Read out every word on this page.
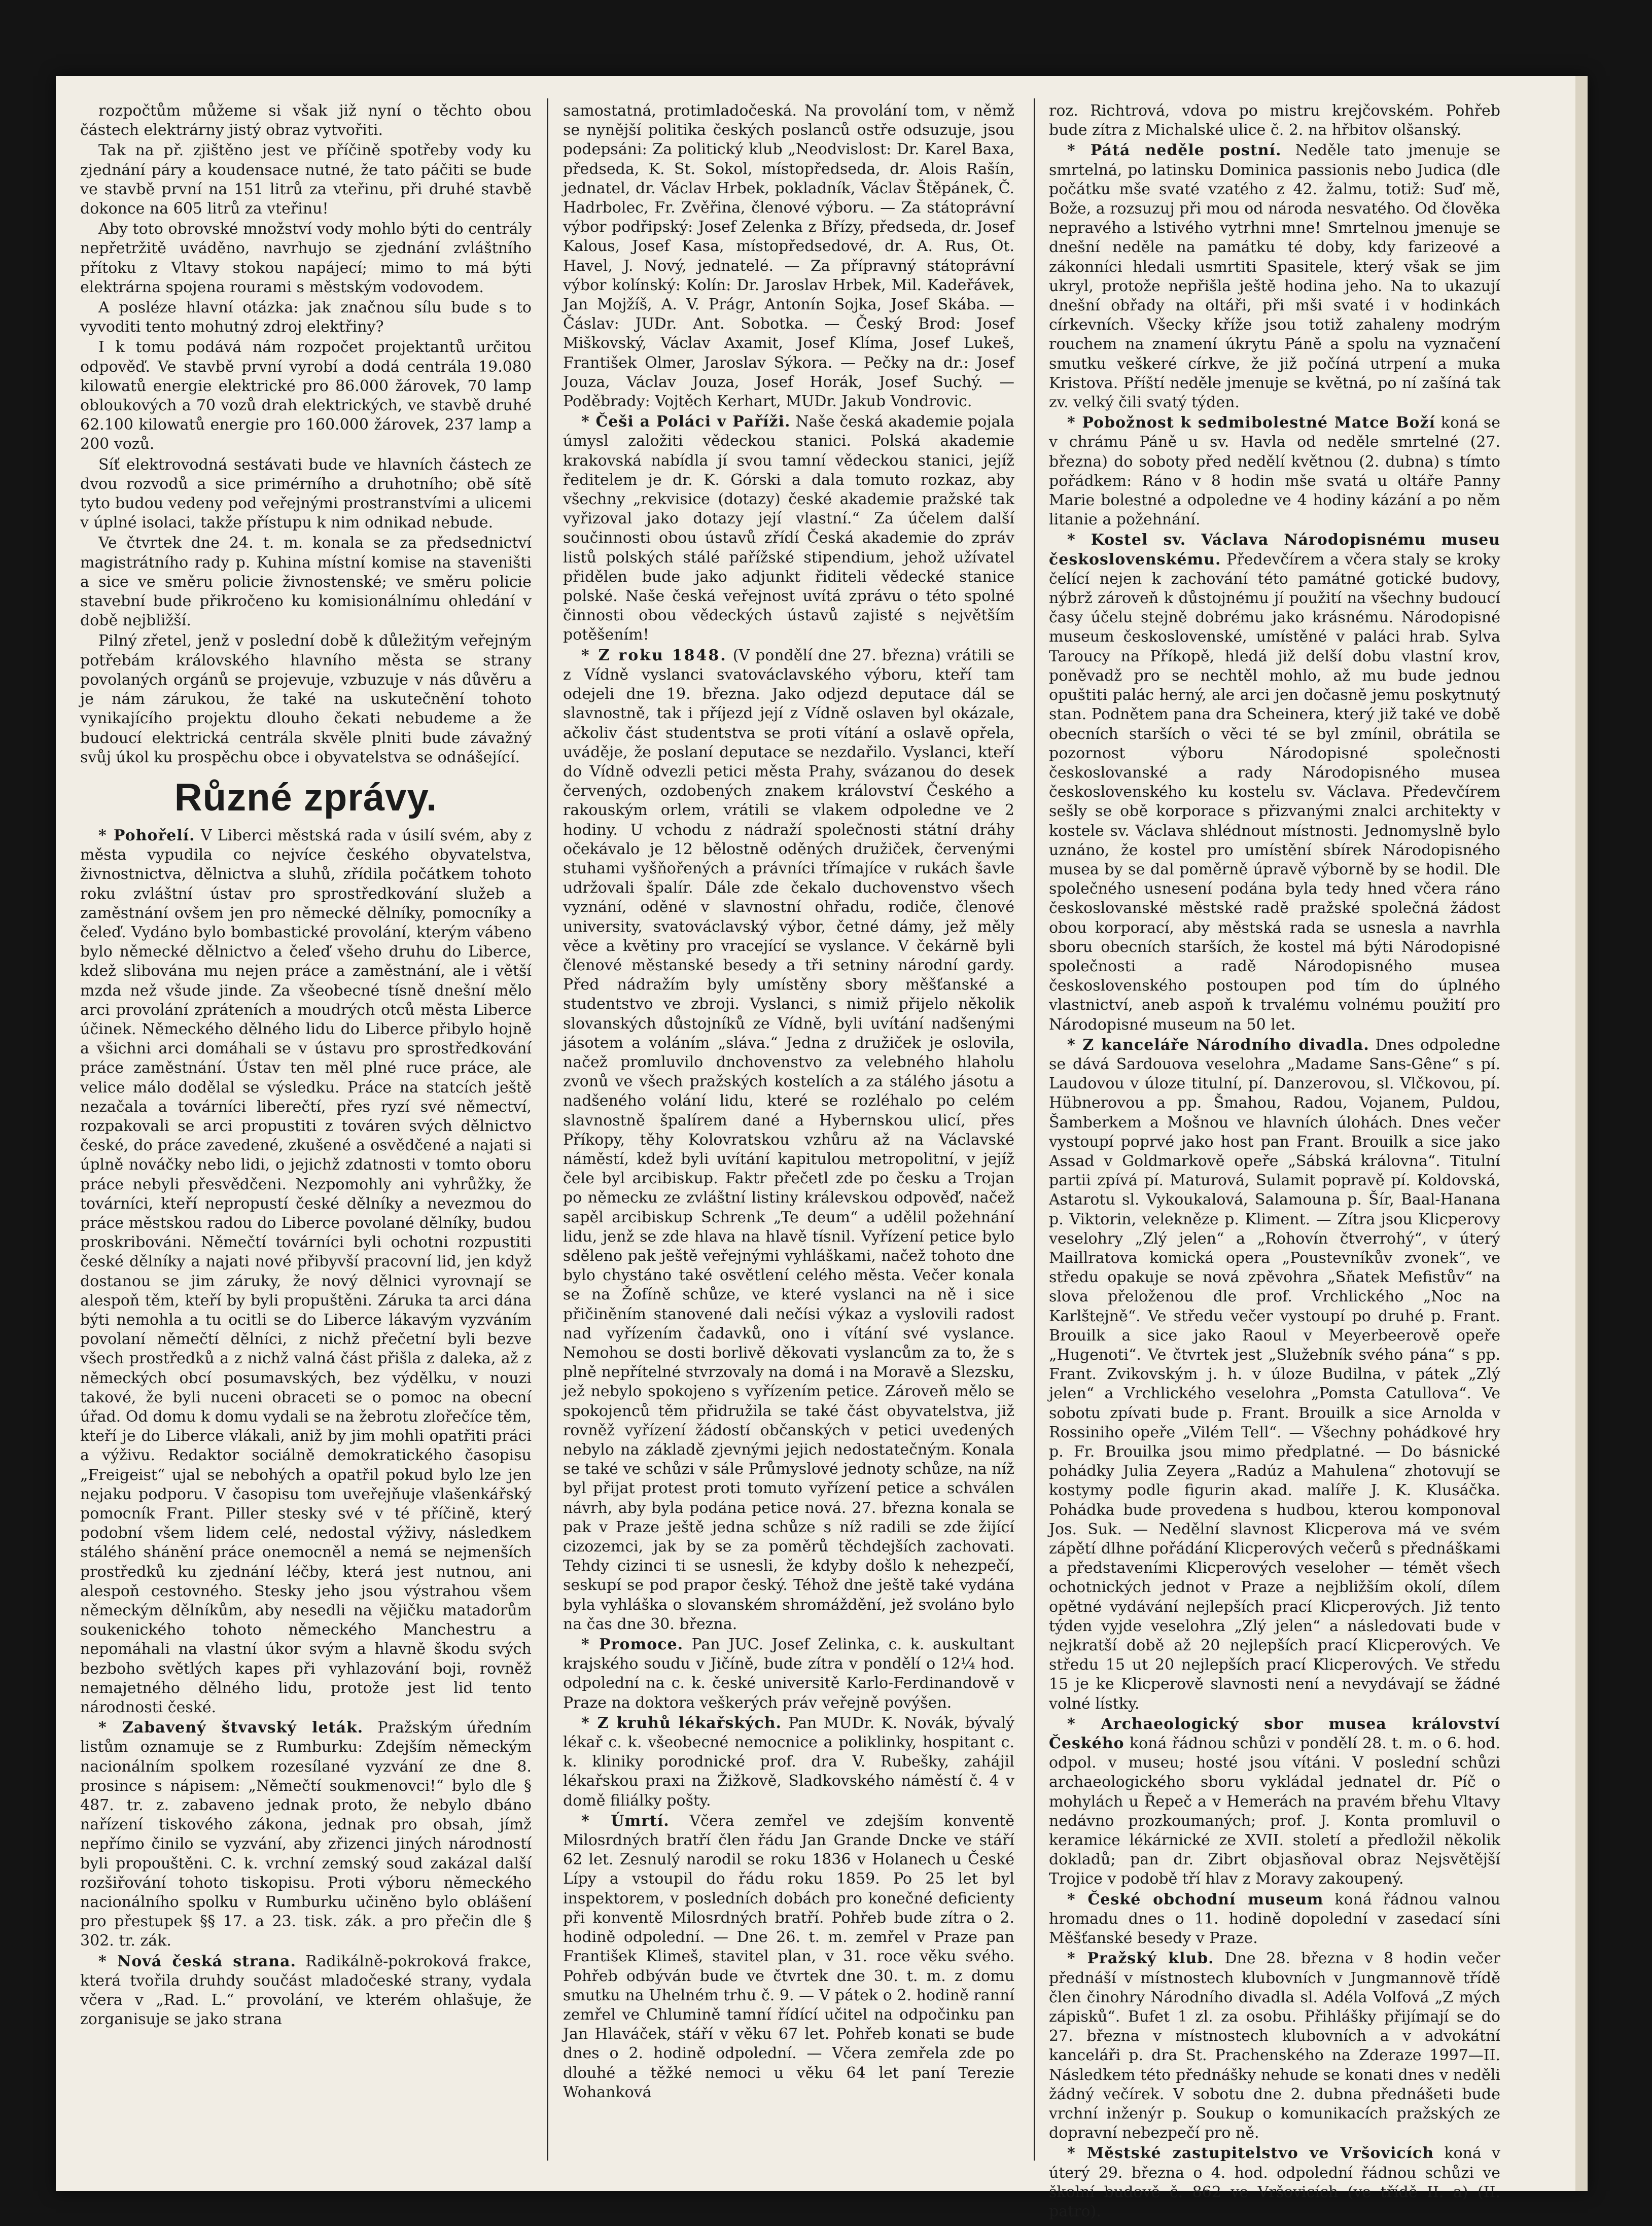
rozpočtům můžeme si však již nyní o těchto obou částech elektrárny jistý obraz vytvořiti.

Tak na př. zjištěno jest ve příčině spotřeby vody ku zjednání páry a koudensace nutné, že tato páčiti se bude ve stavbě první na 151 litrů za vteřinu, při druhé stavbě dokonce na 605 litrů za vteřinu!

Aby toto obrovské množství vody mohlo býti do centrály nepřetržitě uváděno, navrhujo se zjednání zvláštního přítoku z Vltavy stokou napájecí; mimo to má býti elektrárna spojena rourami s městským vodovodem.

A posléze hlavní otázka: jak značnou sílu bude s to vyvoditi tento mohutný zdroj elektřiny?

I k tomu podává nám rozpočet projektantů určitou odpověď. Ve stavbě první vyrobí a dodá centrála 19.080 kilowatů energie elektrické pro 86.000 žárovek, 70 lamp obloukových a 70 vozů drah elektrických, ve stavbě druhé 62.100 kilowatů energie pro 160.000 žárovek, 237 lamp a 200 vozů.

Síť elektrovodná sestávati bude ve hlavních částech ze dvou rozvodů a sice primérního a druhotního; obě sítě tyto budou vedeny pod veřejnými prostranstvími a ulicemi v úplné isolaci, takže přístupu k nim odnikad nebude.

Ve čtvrtek dne 24. t. m. konala se za předsednictví magistrátního rady p. Kuhina místní komise na staveništi a sice ve směru policie živnostenské; ve směru policie stavební bude přikročeno ku komisionálnímu ohledání v době nejbližší.

Pilný zřetel, jenž v poslední době k důležitým veřejným potřebám královského hlavního města se strany povolaných orgánů se projevuje, vzbuzuje v nás důvěru a je nám zárukou, že také na uskutečnění tohoto vynikajícího projektu dlouho čekati nebudeme a že budoucí elektrická centrála skvěle plniti bude závažný svůj úkol ku prospěchu obce i obyvatelstva se odnášející.

Různé zprávy.

* Pohořelí. V Liberci městská rada v úsilí svém, aby z města vypudila co nejvíce českého obyvatelstva, živnostnictva, dělnictva a sluhů, zřídila počátkem tohoto roku zvláštní ústav pro sprostředkování služeb a zaměstnání ovšem jen pro německé dělníky, pomocníky a čeleď. Vydáno bylo bombastické provolání, kterým vábeno bylo německé dělnictvo a čeleď všeho druhu do Liberce, kdež slibována mu nejen práce a zaměstnání, ale i větší mzda než všude jinde. Za všeobecné tísně dnešní mělo arci provolání zpráteních a moudrých otců města Liberce účinek. Německého dělného lidu do Liberce přibylo hojně a všichni arci domáhali se v ústavu pro sprostředkování práce zaměstnání. Ústav ten měl plné ruce práce, ale velice málo dodělal se výsledku. Práce na statcích ještě nezačala a továrníci liberečtí, přes ryzí své němectví, rozpakovali se arci propustiti z továren svých dělnictvo české, do práce zavedené, zkušené a osvědčené a najati si úplně nováčky nebo lidi, o jejichž zdatnosti v tomto oboru práce nebyli přesvědčeni. Nezpomohly ani vyhrůžky, že továrníci, kteří nepropustí české dělníky a nevezmou do práce městskou radou do Liberce povolané dělníky, budou proskribováni. Němečtí továrníci byli ochotni rozpustiti české dělníky a najati nové přibyvší pracovní lid, jen když dostanou se jim záruky, že nový dělnici vyrovnají se alespoň těm, kteří by byli propuštěni. Záruka ta arci dána býti nemohla a tu ocitli se do Liberce lákavým vyzváním povolaní němečtí dělníci, z nichž přečetní byli bezve všech prostředků a z nichž valná část přišla z daleka, až z německých obcí posumavských, bez výdělku, v nouzi takové, že byli nuceni obraceti se o pomoc na obecní úřad. Od domu k domu vydali se na žebrotu zlořečíce těm, kteří je do Liberce vlákali, aniž by jim mohli opatřiti práci a výživu. Redaktor sociálně demokratického časopisu „Freigeist“ ujal se nebohých a opatřil pokud bylo lze jen nejaku podporu. V časopisu tom uveřejňuje vlašenkářský pomocník Frant. Piller stesky své v té příčině, který podobní všem lidem celé, nedostal výživy, následkem stálého shánění práce onemocněl a nemá se nejmenších prostředků ku zjednání léčby, která jest nutnou, ani alespoň cestovného. Stesky jeho jsou výstrahou všem německým dělníkům, aby nesedli na vějičku matadorům soukenického tohoto německého Manchestru a nepomáhali na vlastní úkor svým a hlavně škodu svých bezboho světlých kapes při vyhlazování boji, rovněž nemajetného dělného lidu, protože jest lid tento národnosti české.

* Zabavený štvavský leták. Pražským úředním listům oznamuje se z Rumburku: Zdejším německým nacionálním spolkem rozesílané vyzvání ze dne 8. prosince s nápisem: „Němečtí soukmenovci!“ bylo dle § 487. tr. z. zabaveno jednak proto, že nebylo dbáno nařízení tiskového zákona, jednak pro obsah, jímž nepřímo činilo se vyzvání, aby zřizenci jiných národností byli propouštěni. C. k. vrchní zemský soud zakázal další rozšiřování tohoto tiskopisu. Proti výboru německého nacionálního spolku v Rumburku učiněno bylo oblášení pro přestupek §§ 17. a 23. tisk. zák. a pro přečin dle § 302. tr. zák.

* Nová česká strana. Radikálně-pokroková frakce, která tvořila druhdy součást mladočeské strany, vydala včera v „Rad. L.“ provolání, ve kterém ohlašuje, že zorganisuje se jako strana

samostatná, protimladočeská. Na provolání tom, v němž se nynější politika českých poslanců ostře odsuzuje, jsou podepsáni: Za politický klub „Neodvislost: Dr. Karel Baxa, předseda, K. St. Sokol, místopředseda, dr. Alois Rašín, jednatel, dr. Václav Hrbek, pokladník, Václav Štěpánek, Č. Hadrbolec, Fr. Zvěřina, členové výboru. — Za státoprávní výbor podřipský: Josef Zelenka z Břízy, předseda, dr. Josef Kalous, Josef Kasa, místopředsedové, dr. A. Rus, Ot. Havel, J. Nový, jednatelé. — Za přípravný státoprávní výbor kolínský: Kolín: Dr. Jaroslav Hrbek, Mil. Kadeřávek, Jan Mojžíš, A. V. Prágr, Antonín Sojka, Josef Skába. — Čáslav: JUDr. Ant. Sobotka. — Český Brod: Josef Miškovský, Václav Axamit, Josef Klíma, Josef Lukeš, František Olmer, Jaroslav Sýkora. — Pečky na dr.: Josef Jouza, Václav Jouza, Josef Horák, Josef Suchý. — Poděbrady: Vojtěch Kerhart, MUDr. Jakub Vondrovic.

* Češi a Poláci v Paříži. Naše česká akademie pojala úmysl založiti vědeckou stanici. Polská akademie krakovská nabídla jí svou tamní vědeckou stanici, jejíž ředitelem je dr. K. Górski a dala tomuto rozkaz, aby všechny „rekvisice (dotazy) české akademie pražské tak vyřizoval jako dotazy její vlastní.“ Za účelem další součinnosti obou ústavů zřídí Česká akademie do zpráv listů polských stálé pařížské stipendium, jehož užívatel přidělen bude jako adjunkt řiditeli vědecké stanice polské. Naše česká veřejnost uvítá zprávu o této spolné činnosti obou vědeckých ústavů zajisté s největším potěšením!

* Z roku 1848. (V pondělí dne 27. března) vrátili se z Vídně vyslanci svatováclavského výboru, kteří tam odejeli dne 19. března. Jako odjezd deputace dál se slavnostně, tak i příjezd její z Vídně oslaven byl okázale, ačkoliv část studentstva se proti vítání a oslavě opřela, uváděje, že poslaní deputace se nezdařilo. Vyslanci, kteří do Vídně odvezli petici města Prahy, svázanou do desek červených, ozdobených znakem království Českého a rakouským orlem, vrátili se vlakem odpoledne ve 2 hodiny. U vchodu z nádraží společnosti státní dráhy očekávalo je 12 bělostně oděných družiček, červenými stuhami vyšňořených a právníci třímajíce v rukách šavle udržovali špalír. Dále zde čekalo duchovenstvo všech vyznání, oděné v slavnostní ohřadu, rodiče, členové university, svatováclavský výbor, četné dámy, jež měly věce a květiny pro vracející se vyslance. V čekárně byli členové městanské besedy a tři setniny národní gardy. Před nádražím byly umístěny sbory měšťanské a studentstvo ve zbroji. Vyslanci, s nimiž přijelo několik slovanských důstojníků ze Vídně, byli uvítání nadšenými jásotem a voláním „sláva.“ Jedna z družiček je oslovila, načež promluvilo dnchovenstvo za velebného hlaholu zvonů ve všech pražských kostelích a za stálého jásotu a nadšeného volání lidu, které se rozléhalo po celém slavnostně špalírem dané a Hybernskou ulicí, přes Příkopy, těhy Kolovratskou vzhůru až na Václavské náměstí, kdež byli uvítání kapitulou metropolitní, v jejíž čele byl arcibiskup. Faktr přečetl zde po česku a Trojan po německu ze zvláštní listiny králevskou odpověď, načež sapěl arcibiskup Schrenk „Te deum“ a udělil požehnání lidu, jenž se zde hlava na hlavě tísnil. Vyřízení petice bylo sděleno pak ještě veřejnými vyhláškami, načež tohoto dne bylo chystáno také osvětlení celého města. Večer konala se na Žofíně schůze, ve které vyslanci na ně i sice přičiněním stanovené dali nečísi výkaz a vyslovili radost nad vyřízením čadavků, ono i vítání své vyslance. Nemohou se dosti borlivě děkovati vyslancům za to, že s plně nepřítelné stvrzovaly na domá i na Moravě a Slezsku, jež nebylo spokojeno s vyřízením petice. Zároveň mělo se spokojenců těm přidružila se také část obyvatelstva, již rovněž vyřízení žádostí občanských v petici uvedených nebylo na základě zjevnými jejich nedostatečným. Konala se také ve schůzi v sále Průmyslové jednoty schůze, na níž byl přijat protest proti tomuto vyřízení petice a schválen návrh, aby byla podána petice nová. 27. března konala se pak v Praze ještě jedna schůze s níž radili se zde žijící cizozemci, jak by se za poměrů těchdejších zachovati. Tehdy cizinci ti se usnesli, že kdyby došlo k nehezpečí, seskupí se pod prapor český. Téhož dne ještě také vydána byla vyhláška o slovanském shromáždění, jež svoláno bylo na čas dne 30. března.

* Promoce. Pan JUC. Josef Zelinka, c. k. auskultant krajského soudu v Jičíně, bude zítra v pondělí o 12¼ hod. odpolední na c. k. české universitě Karlo-Ferdinandově v Praze na doktora veškerých práv veřejně povýšen.

* Z kruhů lékařských. Pan MUDr. K. Novák, bývalý lékař c. k. všeobecné nemocnice a poliklinky, hospitant c. k. kliniky porodnické prof. dra V. Rubešky, zahájil lékařskou praxi na Žižkově, Sladkovského náměstí č. 4 v domě filiálky pošty.

* Úmrtí. Včera zemřel ve zdejším konventě Milosrdných bratří člen řádu Jan Grande Dncke ve stáří 62 let. Zesnulý narodil se roku 1836 v Holanech u České Lípy a vstoupil do řádu roku 1859. Po 25 let byl inspektorem, v posledních dobách pro konečné deficienty při konventě Milosrdných bratří. Pohřeb bude zítra o 2. hodině odpolední. — Dne 26. t. m. zemřel v Praze pan František Klimeš, stavitel plan, v 31. roce věku svého. Pohřeb odbýván bude ve čtvrtek dne 30. t. m. z domu smutku na Uhelném trhu č. 9. — V pátek o 2. hodině ranní zemřel ve Chlumině tamní řídící učitel na odpočinku pan Jan Hlaváček, stáří v věku 67 let. Pohřeb konati se bude dnes o 2. hodině odpolední. — Včera zemřela zde po dlouhé a těžké nemoci u věku 64 let paní Terezie Wohanková

roz. Richtrová, vdova po mistru krejčovském. Pohřeb bude zítra z Michalské ulice č. 2. na hřbitov olšanský.

* Pátá neděle postní. Neděle tato jmenuje se smrtelná, po latinsku Dominica passionis nebo Judica (dle počátku mše svaté vzatého z 42. žalmu, totiž: Suď mě, Bože, a rozsuzuj při mou od národa nesvatého. Od člověka nepravého a lstivého vytrhni mne! Smrtelnou jmenuje se dnešní neděle na památku té doby, kdy farizeové a zákonníci hledali usmrtiti Spasitele, který však se jim ukryl, protože nepřišla ještě hodina jeho. Na to ukazují dnešní obřady na oltáři, při mši svaté i v hodinkách církevních. Všecky kříže jsou totiž zahaleny modrým rouchem na znamení úkrytu Páně a spolu na vyznačení smutku veškeré církve, že již počíná utrpení a muka Kristova. Příští neděle jmenuje se květná, po ní zašíná tak zv. velký čili svatý týden.

* Pobožnost k sedmibolestné Matce Boží koná se v chrámu Páně u sv. Havla od neděle smrtelné (27. března) do soboty před nedělí květnou (2. dubna) s tímto pořádkem: Ráno v 8 hodin mše svatá u oltáře Panny Marie bolestné a odpoledne ve 4 hodiny kázání a po něm litanie a požehnání.

* Kostel sv. Václava Národopisnému museu československému. Předevčírem a včera staly se kroky čelící nejen k zachování této památné gotické budovy, nýbrž zároveň k důstojnému jí použití na všechny budoucí časy účelu stejně dobrému jako krásnému. Národopisné museum československé, umístěné v paláci hrab. Sylva Taroucy na Příkopě, hledá již delší dobu vlastní krov, poněvadž pro se nechtěl mohlo, až mu bude jednou opuštiti palác herný, ale arci jen dočasně jemu poskytnutý stan. Podnětem pana dra Scheinera, který již také ve době obecních starších o věci té se byl zmínil, obrátila se pozornost výboru Národopisné společnosti českoslovanské a rady Národopisného musea československého ku kostelu sv. Václava. Předevčírem sešly se obě korporace s přizvanými znalci architekty v kostele sv. Václava shlédnout místnosti. Jednomyslně bylo uznáno, že kostel pro umístění sbírek Národopisného musea by se dal poměrně úpravě výborně by se hodil. Dle společného usnesení podána byla tedy hned včera ráno českoslovanské městské radě pražské společná žádost obou korporací, aby městská rada se usnesla a navrhla sboru obecních starších, že kostel má býti Národopisné společnosti a radě Národopisného musea československého postoupen pod tím do úplného vlastnictví, aneb aspoň k trvalému volnému použití pro Národopisné museum na 50 let.

* Z kanceláře Národního divadla. Dnes odpoledne se dává Sardouova veselohra „Madame Sans-Gêne“ s pí. Laudovou v úloze titulní, pí. Danzerovou, sl. Vlčkovou, pí. Hübnerovou a pp. Šmahou, Radou, Vojanem, Puldou, Šamberkem a Mošnou ve hlavních úlohách. Dnes večer vystoupí poprvé jako host pan Frant. Brouilk a sice jako Assad v Goldmarkově opeře „Sábská královna“. Titulní partii zpívá pí. Maturová, Sulamit popravě pí. Koldovská, Astarotu sl. Vykoukalová, Salamouna p. Šír, Baal-Hanana p. Viktorin, velekněze p. Kliment. — Zítra jsou Klicperovy veselohry „Zlý jelen“ a „Rohovín čtverrohý“, v úterý Maillratova komická opera „Poustevníkův zvonek“, ve středu opakuje se nová zpěvohra „Sňatek Mefistův“ na slova přeloženou dle prof. Vrchlického „Noc na Karlštejně“. Ve středu večer vystoupí po druhé p. Frant. Brouilk a sice jako Raoul v Meyerbeerově opeře „Hugenoti“. Ve čtvrtek jest „Služebník svého pána“ s pp. Frant. Zvikovským j. h. v úloze Budilna, v pátek „Zlý jelen“ a Vrchlického veselohra „Pomsta Catullova“. Ve sobotu zpívati bude p. Frant. Brouilk a sice Arnolda v Rossiniho opeře „Vilém Tell“. — Všechny pohádkové hry p. Fr. Brouilka jsou mimo předplatné. — Do básnické pohádky Julia Zeyera „Radúz a Mahulena“ zhotovují se kostymy podle figurin akad. malíře J. K. Klusáčka. Pohádka bude provedena s hudbou, kterou komponoval Jos. Suk. — Nedělní slavnost Klicperova má ve svém zápětí dlhne pořádání Klicperových večerů s přednáškami a představeními Klicperových veseloher — témět všech ochotnických jednot v Praze a nejbližším okolí, dílem opětné vydávání nejlepších prací Klicperových. Již tento týden vyjde veselohra „Zlý jelen“ a následovati bude v nejkratší době až 20 nejlepších prací Klicperových. Ve středu 15 ut 20 nejlepších prací Klicperových. Ve středu 15 je ke Klicperově slavnosti není a nevydávají se žádné volné lístky.

* Archaeologický sbor musea království Českého koná řádnou schůzi v pondělí 28. t. m. o 6. hod. odpol. v museu; hosté jsou vítáni. V poslední schůzi archaeologického sboru vykládal jednatel dr. Píč o mohylách u Řepeč a v Hemerách na pravém břehu Vltavy nedávno prozkoumaných; prof. J. Konta promluvil o keramice lékárnické ze XVII. století a předložil několik dokladů; pan dr. Zibrt objasňoval obraz Nejsvětější Trojice v podobě tří hlav z Moravy zakoupený.

* České obchodní museum koná řádnou valnou hromadu dnes o 11. hodině dopolední v zasedací síni Měšťanské besedy v Praze.

* Pražský klub. Dne 28. března v 8 hodin večer přednáší v místnostech klubovních v Jungmannově třídě člen činohry Národního divadla sl. Adéla Volfová „Z mých zápisků“. Bufet 1 zl. za osobu. Přihlášky přijímají se do 27. března v místnostech klubovních a v advokátní kanceláři p. dra St. Prachenského na Zderaze 1997—II. Následkem této přednášky nehude se konati dnes v neděli žádný večírek. V sobotu dne 2. dubna přednášeti bude vrchní inženýr p. Soukup o komunikacích pražských ze dopravní nebezpečí pro ně.

* Městské zastupitelstvo ve Vršovicích koná v úterý 29. března o 4. hod. odpolední řádnou schůzi ve školní budově č. 862 ve Vršovicích (ve třídě II. a) (II. patro).
